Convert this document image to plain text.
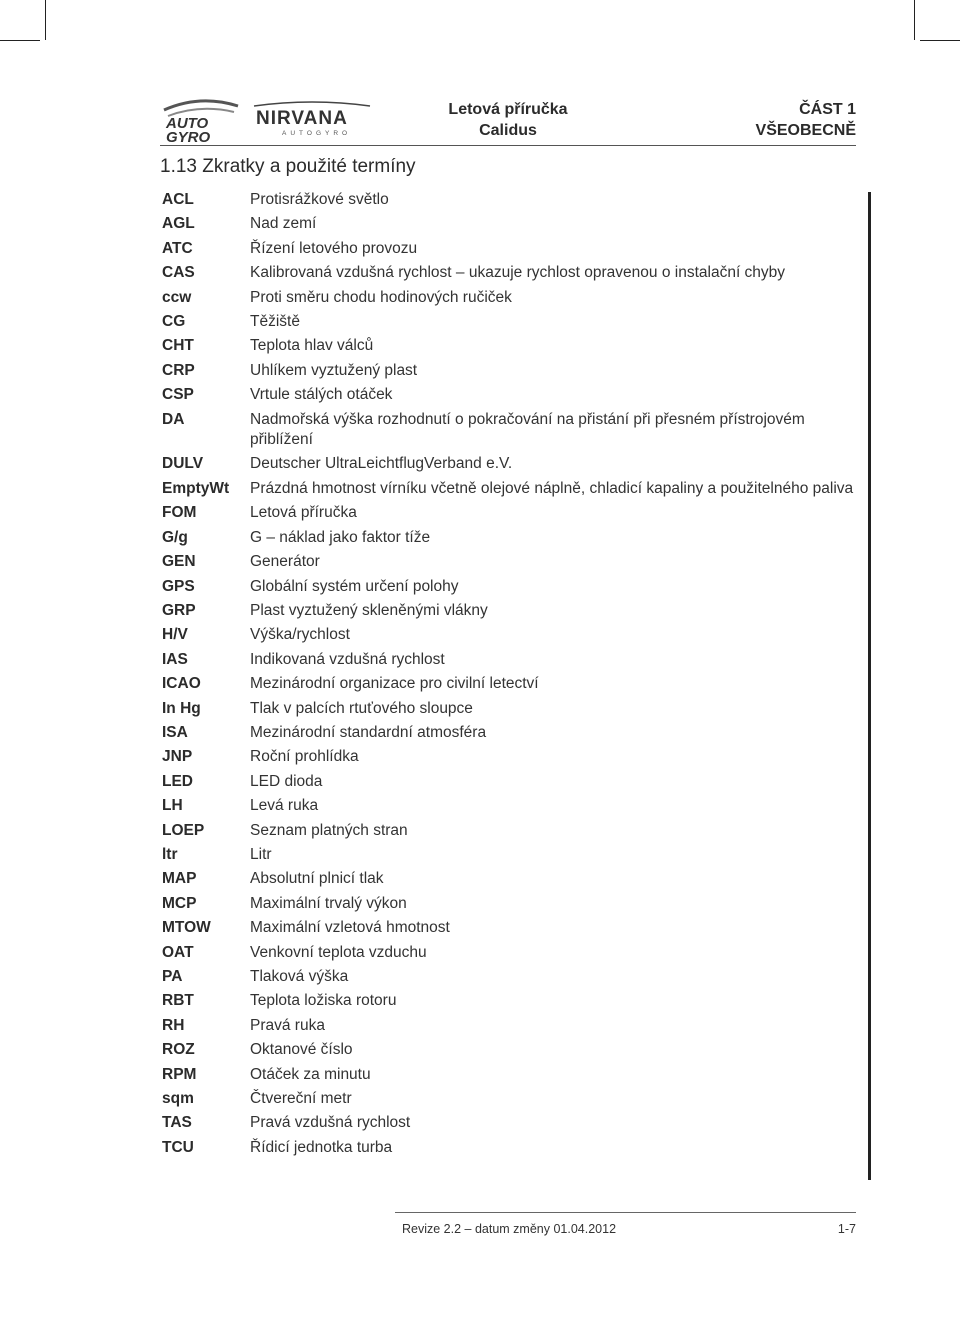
AUTO
GYRO
NIRVANA
AUTOGYRO
Letová příručka
Calidus
ČÁST 1
VŠEOBECNĚ
1.13 Zkratky a použité termíny
ACL	Protisrážkové světlo
AGL	Nad zemí
ATC	Řízení letového provozu
CAS	Kalibrovaná vzdušná rychlost – ukazuje rychlost opravenou o instalační chyby
ccw	Proti směru chodu hodinových ručiček
CG	Těžiště
CHT	Teplota hlav válců
CRP	Uhlíkem vyztužený plast
CSP	Vrtule stálých otáček
DA	Nadmořská výška rozhodnutí o pokračování na přistání při přesném přístrojovém přiblížení
DULV	Deutscher UltraLeichtflugVerband e.V.
EmptyWt	Prázdná hmotnost vírníku včetně olejové náplně, chladicí kapaliny a použitelného paliva
FOM	Letová příručka
G/g	G – náklad jako faktor tíže
GEN	Generátor
GPS	Globální systém určení polohy
GRP	Plast vyztužený skleněnými vlákny
H/V	Výška/rychlost
IAS	Indikovaná vzdušná rychlost
ICAO	Mezinárodní organizace pro civilní letectví
In Hg	Tlak v palcích rtuťového sloupce
ISA	Mezinárodní standardní atmosféra
JNP	Roční prohlídka
LED	LED dioda
LH	Levá ruka
LOEP	Seznam platných stran
ltr	Litr
MAP	Absolutní plnicí tlak
MCP	Maximální trvalý výkon
MTOW	Maximální vzletová hmotnost
OAT	Venkovní teplota vzduchu
PA	Tlaková výška
RBT	Teplota ložiska rotoru
RH	Pravá ruka
ROZ	Oktanové číslo
RPM	Otáček za minutu
sqm	Čtvereční metr
TAS	Pravá vzdušná rychlost
TCU	Řídicí jednotka turba
Revize 2.2 – datum změny 01.04.2012	1-7
